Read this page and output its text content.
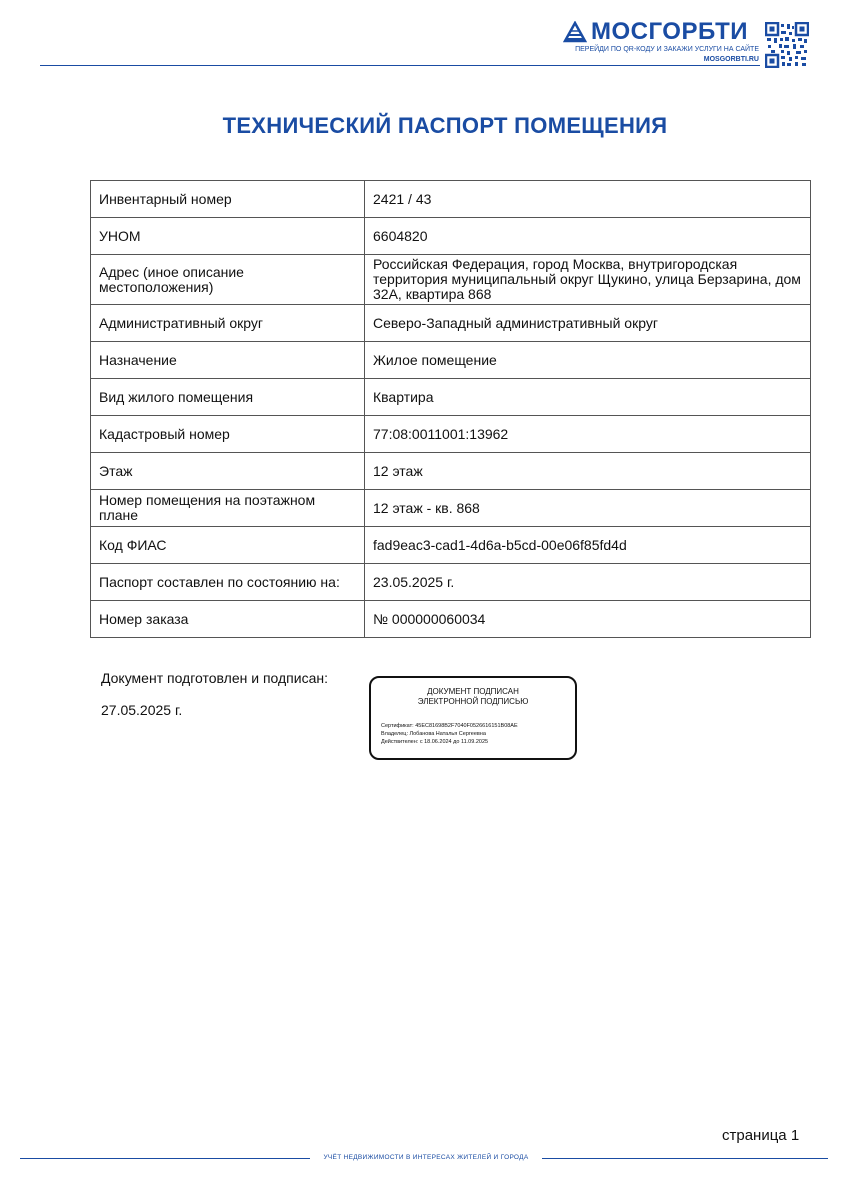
МОСГОРБТИ
ПЕРЕЙДИ ПО QR-КОДУ И ЗАКАЖИ УСЛУГИ НА САЙТЕ
MOSGORBTI.RU
ТЕХНИЧЕСКИЙ ПАСПОРТ ПОМЕЩЕНИЯ
Инвентарный номер	2421 / 43
УНОМ	6604820
Адрес (иное описание местоположения)	Российская Федерация, город Москва, внутригородская территория муниципальный округ Щукино, улица Берзарина, дом 32А, квартира 868
Административный округ	Северо-Западный административный округ
Назначение	Жилое помещение
Вид жилого помещения	Квартира
Кадастровый номер	77:08:0011001:13962
Этаж	12 этаж
Номер помещения на поэтажном плане	12 этаж - кв. 868
Код ФИАС	fad9eac3-cad1-4d6a-b5cd-00e06f85fd4d
Паспорт составлен по состоянию на:	23.05.2025 г.
Номер заказа	№ 000000060034
Документ подготовлен и подписан:
27.05.2025 г.
ДОКУМЕНТ ПОДПИСАН
ЭЛЕКТРОННОЙ ПОДПИСЬЮ
Сертификат: 45EC81698B2F7040F0526616151B08AE
Владелец: Лобанова Наталья Сергеевна
Действителен: с 18.06.2024 до 11.09.2025
страница 1
УЧЁТ НЕДВИЖИМОСТИ В ИНТЕРЕСАХ ЖИТЕЛЕЙ И ГОРОДА
